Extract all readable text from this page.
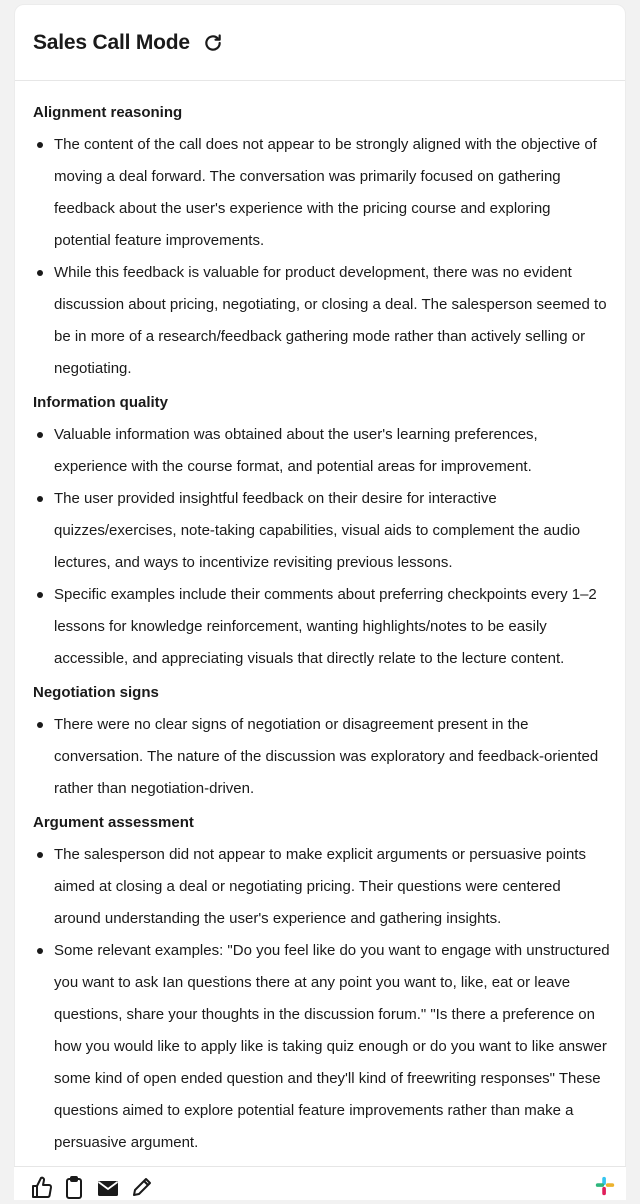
Sales Call Mode
Alignment reasoning
The content of the call does not appear to be strongly aligned with the objective of moving a deal forward. The conversation was primarily focused on gathering feedback about the user's experience with the pricing course and exploring potential feature improvements.
While this feedback is valuable for product development, there was no evident discussion about pricing, negotiating, or closing a deal. The salesperson seemed to be in more of a research/feedback gathering mode rather than actively selling or negotiating.
Information quality
Valuable information was obtained about the user's learning preferences, experience with the course format, and potential areas for improvement.
The user provided insightful feedback on their desire for interactive quizzes/exercises, note-taking capabilities, visual aids to complement the audio lectures, and ways to incentivize revisiting previous lessons.
Specific examples include their comments about preferring checkpoints every 1–2 lessons for knowledge reinforcement, wanting highlights/notes to be easily accessible, and appreciating visuals that directly relate to the lecture content.
Negotiation signs
There were no clear signs of negotiation or disagreement present in the conversation. The nature of the discussion was exploratory and feedback-oriented rather than negotiation-driven.
Argument assessment
The salesperson did not appear to make explicit arguments or persuasive points aimed at closing a deal or negotiating pricing. Their questions were centered around understanding the user's experience and gathering insights.
Some relevant examples: "Do you feel like do you want to engage with unstructured you want to ask Ian questions there at any point you want to, like, eat or leave questions, share your thoughts in the discussion forum." "Is there a preference on how you would like to apply like is taking quiz enough or do you want to like answer some kind of open ended question and they'll kind of freewriting responses" These questions aimed to explore potential feature improvements rather than make a persuasive argument.
